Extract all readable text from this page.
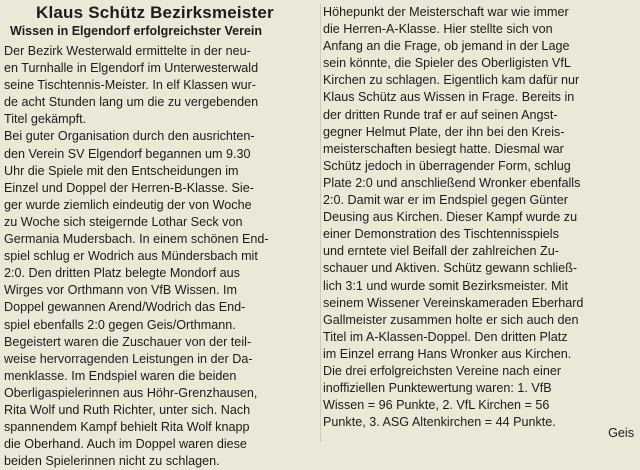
Klaus Schütz Bezirksmeister
Wissen in Elgendorf erfolgreichster Verein
Der Bezirk Westerwald ermittelte in der neu-
en Turnhalle in Elgendorf im Unterwesterwald
seine Tischtennis-Meister. In elf Klassen wur-
de acht Stunden lang um die zu vergebenden
Titel gekämpft.
Bei guter Organisation durch den ausrichten-
den Verein SV Elgendorf begannen um 9.30
Uhr die Spiele mit den Entscheidungen im
Einzel und Doppel der Herren-B-Klasse. Sie-
ger wurde ziemlich eindeutig der von Woche
zu Woche sich steigernde Lothar Seck von
Germania Mudersbach. In einem schönen End-
spiel schlug er Wodrich aus Mündersbach mit
2:0. Den dritten Platz belegte Mondorf aus
Wirges vor Orthmann von VfB Wissen. Im
Doppel gewannen Arend/Wodrich das End-
spiel ebenfalls 2:0 gegen Geis/Orthmann.
Begeistert waren die Zuschauer von der teil-
weise hervorragenden Leistungen in der Da-
menklasse. Im Endspiel waren die beiden
Oberligaspielerinnen aus Höhr-Grenzhausen,
Rita Wolf und Ruth Richter, unter sich. Nach
spannendem Kampf behielt Rita Wolf knapp
die Oberhand. Auch im Doppel waren diese
beiden Spielerinnen nicht zu schlagen.
Höhepunkt der Meisterschaft war wie immer
die Herren-A-Klasse. Hier stellte sich von
Anfang an die Frage, ob jemand in der Lage
sein könnte, die Spieler des Oberligisten VfL
Kirchen zu schlagen. Eigentlich kam dafür nur
Klaus Schütz aus Wissen in Frage. Bereits in
der dritten Runde traf er auf seinen Angst-
gegner Helmut Plate, der ihn bei den Kreis-
meisterschaften besiegt hatte. Diesmal war
Schütz jedoch in überragender Form, schlug
Plate 2:0 und anschließend Wronker ebenfalls
2:0. Damit war er im Endspiel gegen Günter
Deusing aus Kirchen. Dieser Kampf wurde zu
einer Demonstration des Tischtennisspiels
und erntete viel Beifall der zahlreichen Zu-
schauer und Aktiven. Schütz gewann schließ-
lich 3:1 und wurde somit Bezirksmeister. Mit
seinem Wissener Vereinskameraden Eberhard
Gallmeister zusammen holte er sich auch den
Titel im A-Klassen-Doppel. Den dritten Platz
im Einzel errang Hans Wronker aus Kirchen.
Die drei erfolgreichsten Vereine nach einer
inoffiziellen Punktewertung waren: 1. VfB
Wissen = 96 Punkte, 2. VfL Kirchen = 56
Punkte, 3. ASG Altenkirchen = 44 Punkte.
Geis
